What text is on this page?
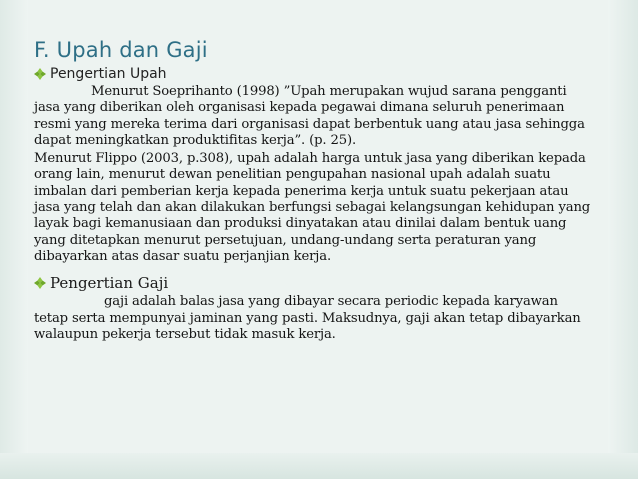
F. Upah dan Gaji
Pengertian Upah

Menurut Soeprihanto (1998) ”Upah merupakan wujud sarana pengganti jasa yang diberikan oleh organisasi kepada pegawai dimana seluruh penerimaan resmi yang mereka terima dari organisasi dapat berbentuk uang atau jasa sehingga dapat meningkatkan produktifitas kerja”. (p. 25).

Menurut Flippo (2003, p.308), upah adalah harga untuk jasa yang diberikan kepada orang lain, menurut dewan penelitian pengupahan nasional upah adalah suatu imbalan dari pemberian kerja kepada penerima kerja untuk suatu pekerjaan atau jasa yang telah dan akan dilakukan berfungsi sebagai kelangsungan kehidupan yang layak bagi kemanusiaan dan produksi dinyatakan atau dinilai dalam bentuk uang yang ditetapkan menurut persetujuan, undang-undang serta peraturan yang dibayarkan atas dasar suatu perjanjian kerja.

Pengertian Gaji

gaji adalah balas jasa yang dibayar secara periodic kepada karyawan tetap serta mempunyai jaminan yang pasti. Maksudnya, gaji akan tetap dibayarkan walaupun pekerja tersebut tidak masuk kerja.
